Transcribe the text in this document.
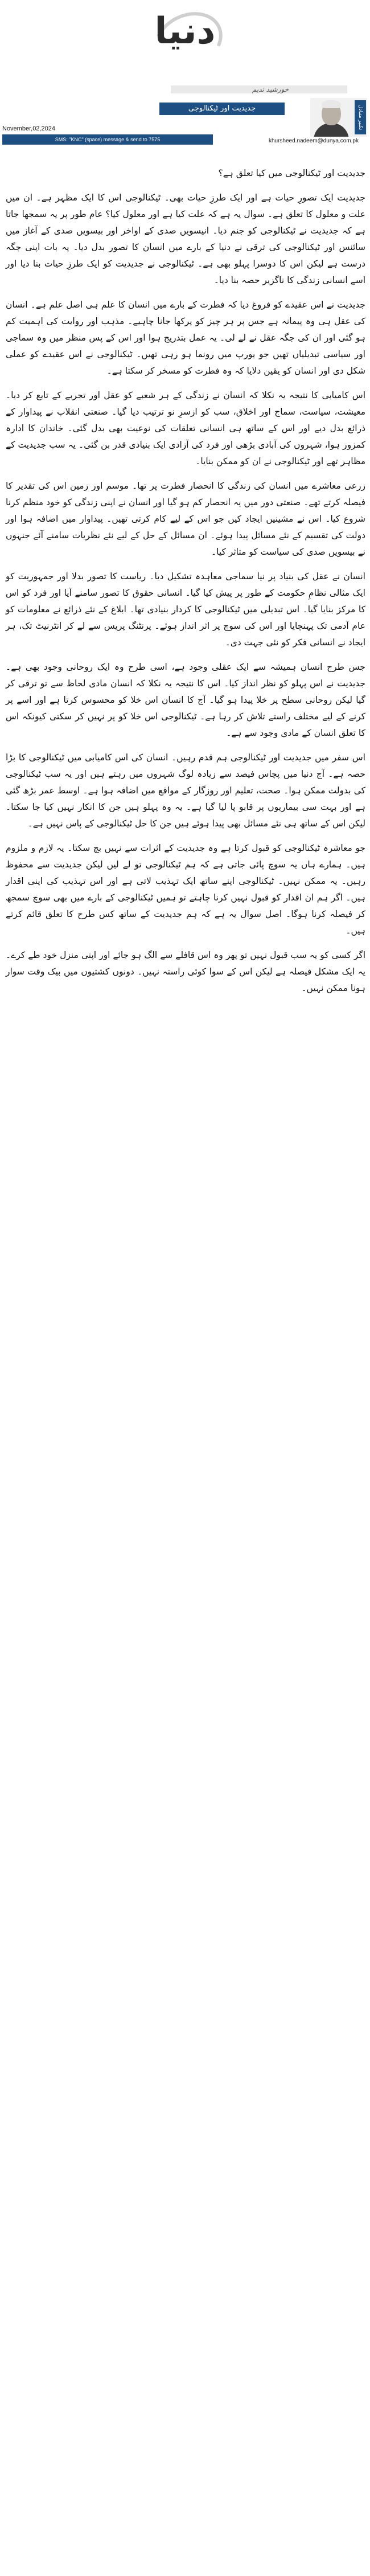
دنیا
خورشید ندیم
جدیدیت اور ٹیکنالوجی
November,02,2024
SMS: "KNC" (space) message & send to 7575	khursheed.nadeem@dunya.com.pk
تکبیر متبادل

جدیدیت اور ٹیکنالوجی میں کیا تعلق ہے؟

جدیدیت ایک تصورِ حیات ہے اور ایک طرزِ حیات بھی۔ ٹیکنالوجی اس کا ایک مظہر ہے۔ ان میں علت و معلول کا تعلق ہے۔ سوال یہ ہے کہ علت کیا ہے اور معلول کیا؟ عام طور پر یہ سمجھا جاتا ہے کہ جدیدیت نے ٹیکنالوجی کو جنم دیا۔ انیسویں صدی کے اواخر اور بیسویں صدی کے آغاز میں سائنس اور ٹیکنالوجی کی ترقی نے دنیا کے بارے میں انسان کا تصور بدل دیا۔ یہ بات اپنی جگہ درست ہے لیکن اس کا دوسرا پہلو بھی ہے۔ ٹیکنالوجی نے جدیدیت کو ایک طرزِ حیات بنا دیا اور اسے انسانی زندگی کا ناگزیر حصہ بنا دیا۔

جدیدیت نے اس عقیدے کو فروغ دیا کہ فطرت کے بارے میں انسان کا علم ہی اصل علم ہے۔ انسان کی عقل ہی وہ پیمانہ ہے جس پر ہر چیز کو پرکھا جانا چاہیے۔ مذہب اور روایت کی اہمیت کم ہو گئی اور ان کی جگہ عقل نے لے لی۔ یہ عمل بتدریج ہوا اور اس کے پس منظر میں وہ سماجی اور سیاسی تبدیلیاں تھیں جو یورپ میں رونما ہو رہی تھیں۔ ٹیکنالوجی نے اس عقیدے کو عملی شکل دی اور انسان کو یقین دلایا کہ وہ فطرت کو مسخر کر سکتا ہے۔

اس کامیابی کا نتیجہ یہ نکلا کہ انسان نے زندگی کے ہر شعبے کو عقل اور تجربے کے تابع کر دیا۔ معیشت، سیاست، سماج اور اخلاق، سب کو ازسرِ نو ترتیب دیا گیا۔ صنعتی انقلاب نے پیداوار کے ذرائع بدل دیے اور اس کے ساتھ ہی انسانی تعلقات کی نوعیت بھی بدل گئی۔ خاندان کا ادارہ کمزور ہوا، شہروں کی آبادی بڑھی اور فرد کی آزادی ایک بنیادی قدر بن گئی۔ یہ سب جدیدیت کے مظاہر تھے اور ٹیکنالوجی نے ان کو ممکن بنایا۔

زرعی معاشرے میں انسان کی زندگی کا انحصار فطرت پر تھا۔ موسم اور زمین اس کی تقدیر کا فیصلہ کرتے تھے۔ صنعتی دور میں یہ انحصار کم ہو گیا اور انسان نے اپنی زندگی کو خود منظم کرنا شروع کیا۔ اس نے مشینیں ایجاد کیں جو اس کے لیے کام کرتی تھیں۔ پیداوار میں اضافہ ہوا اور دولت کی تقسیم کے نئے مسائل پیدا ہوئے۔ ان مسائل کے حل کے لیے نئے نظریات سامنے آئے جنہوں نے بیسویں صدی کی سیاست کو متاثر کیا۔

انسان نے عقل کی بنیاد پر نیا سماجی معاہدہ تشکیل دیا۔ ریاست کا تصور بدلا اور جمہوریت کو ایک مثالی نظامِ حکومت کے طور پر پیش کیا گیا۔ انسانی حقوق کا تصور سامنے آیا اور فرد کو اس کا مرکز بنایا گیا۔ اس تبدیلی میں ٹیکنالوجی کا کردار بنیادی تھا۔ ابلاغ کے نئے ذرائع نے معلومات کو عام آدمی تک پہنچایا اور اس کی سوچ پر اثر انداز ہوئے۔ پرنٹنگ پریس سے لے کر انٹرنیٹ تک، ہر ایجاد نے انسانی فکر کو نئی جہت دی۔

جس طرح انسان ہمیشہ سے ایک عقلی وجود ہے، اسی طرح وہ ایک روحانی وجود بھی ہے۔ جدیدیت نے اس پہلو کو نظر انداز کیا۔ اس کا نتیجہ یہ نکلا کہ انسان مادی لحاظ سے تو ترقی کر گیا لیکن روحانی سطح پر خلا پیدا ہو گیا۔ آج کا انسان اس خلا کو محسوس کرتا ہے اور اسے پر کرنے کے لیے مختلف راستے تلاش کر رہا ہے۔ ٹیکنالوجی اس خلا کو پر نہیں کر سکتی کیونکہ اس کا تعلق انسان کے مادی وجود سے ہے۔

اس سفر میں جدیدیت اور ٹیکنالوجی ہم قدم رہیں۔ انسان کی اس کامیابی میں ٹیکنالوجی کا بڑا حصہ ہے۔ آج دنیا میں پچاس فیصد سے زیادہ لوگ شہروں میں رہتے ہیں اور یہ سب ٹیکنالوجی کی بدولت ممکن ہوا۔ صحت، تعلیم اور روزگار کے مواقع میں اضافہ ہوا ہے۔ اوسط عمر بڑھ گئی ہے اور بہت سی بیماریوں پر قابو پا لیا گیا ہے۔ یہ وہ پہلو ہیں جن کا انکار نہیں کیا جا سکتا۔ لیکن اس کے ساتھ ہی نئے مسائل بھی پیدا ہوئے ہیں جن کا حل ٹیکنالوجی کے پاس نہیں ہے۔

جو معاشرہ ٹیکنالوجی کو قبول کرتا ہے وہ جدیدیت کے اثرات سے نہیں بچ سکتا۔ یہ لازم و ملزوم ہیں۔ ہمارے ہاں یہ سوچ پائی جاتی ہے کہ ہم ٹیکنالوجی تو لے لیں لیکن جدیدیت سے محفوظ رہیں۔ یہ ممکن نہیں۔ ٹیکنالوجی اپنے ساتھ ایک تہذیب لاتی ہے اور اس تہذیب کی اپنی اقدار ہیں۔ اگر ہم ان اقدار کو قبول نہیں کرنا چاہتے تو ہمیں ٹیکنالوجی کے بارے میں بھی سوچ سمجھ کر فیصلہ کرنا ہوگا۔ اصل سوال یہ ہے کہ ہم جدیدیت کے ساتھ کس طرح کا تعلق قائم کرتے ہیں۔

اگر کسی کو یہ سب قبول نہیں تو پھر وہ اس قافلے سے الگ ہو جائے اور اپنی منزل خود طے کرے۔ یہ ایک مشکل فیصلہ ہے لیکن اس کے سوا کوئی راستہ نہیں۔ دونوں کشتیوں میں بیک وقت سوار ہونا ممکن نہیں۔
